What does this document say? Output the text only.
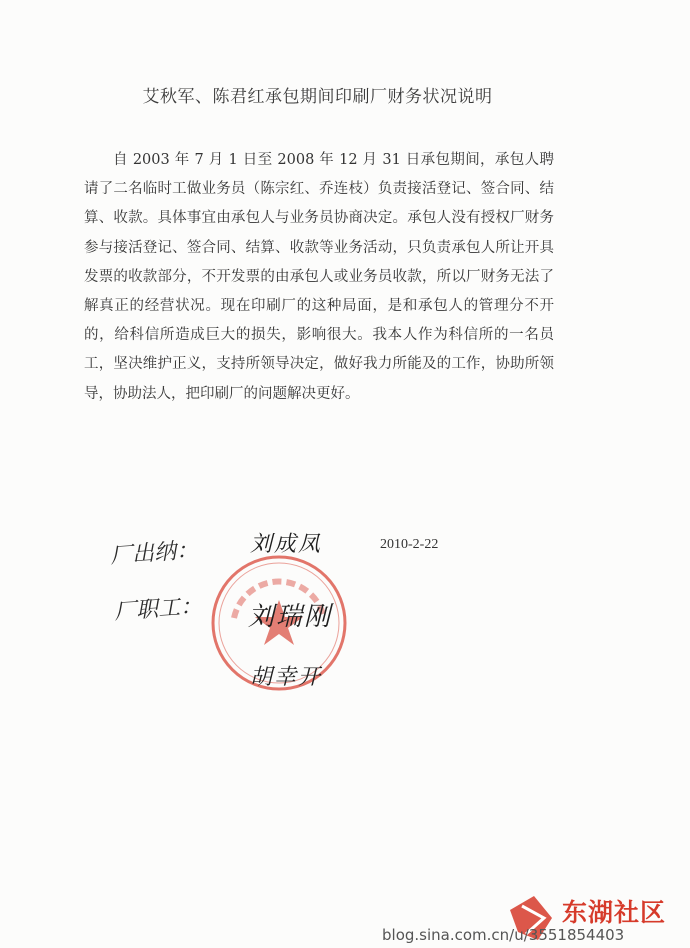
艾秋军、陈君红承包期间印刷厂财务状况说明
自 2003 年 7 月 1 日至 2008 年 12 月 31 日承包期间，承包人聘请了二名临时工做业务员（陈宗红、乔连枝）负责接活登记、签合同、结算、收款。具体事宜由承包人与业务员协商决定。承包人没有授权厂财务参与接活登记、签合同、结算、收款等业务活动，只负责承包人所让开具发票的收款部分，不开发票的由承包人或业务员收款，所以厂财务无法了解真正的经营状况。现在印刷厂的这种局面，是和承包人的管理分不开的，给科信所造成巨大的损失，影响很大。我本人作为科信所的一名员工，坚决维护正义，支持所领导决定，做好我力所能及的工作，协助所领导，协助法人，把印刷厂的问题解决更好。
2010-2-22
厂出纳： 刘成凤
厂职工： 刘瑞刚
胡幸开
东湖社区
blog.sina.com.cn/u/3551854403
